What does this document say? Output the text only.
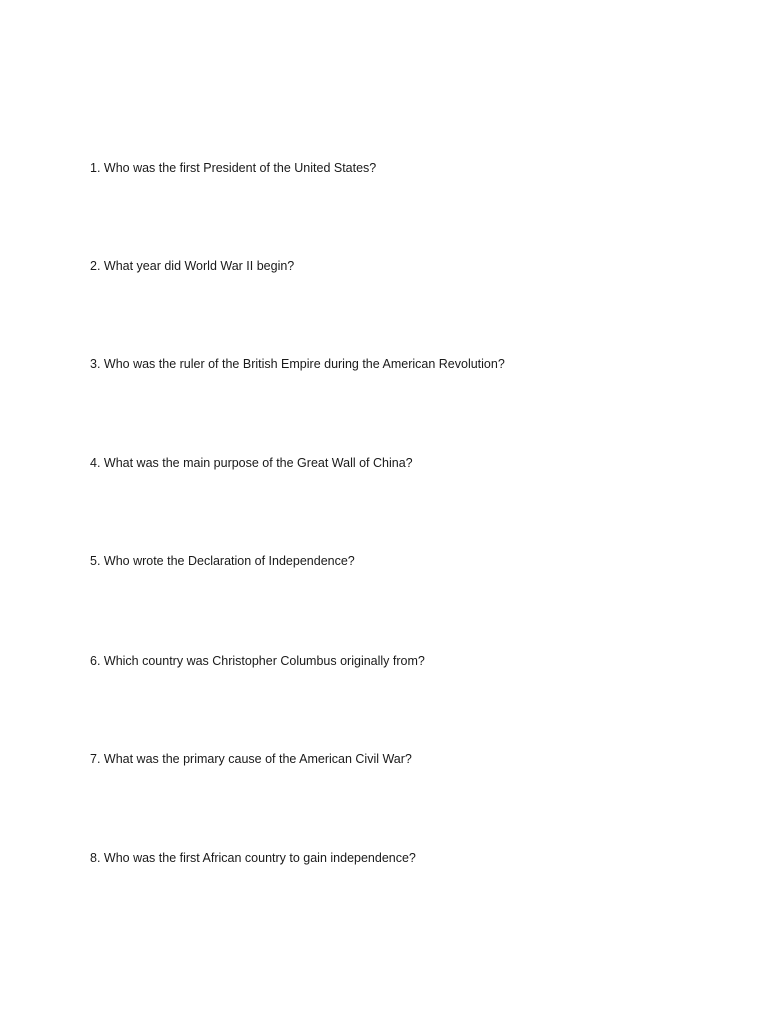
1. Who was the first President of the United States?
2. What year did World War II begin?
3. Who was the ruler of the British Empire during the American Revolution?
4. What was the main purpose of the Great Wall of China?
5. Who wrote the Declaration of Independence?
6. Which country was Christopher Columbus originally from?
7. What was the primary cause of the American Civil War?
8. Who was the first African country to gain independence?
